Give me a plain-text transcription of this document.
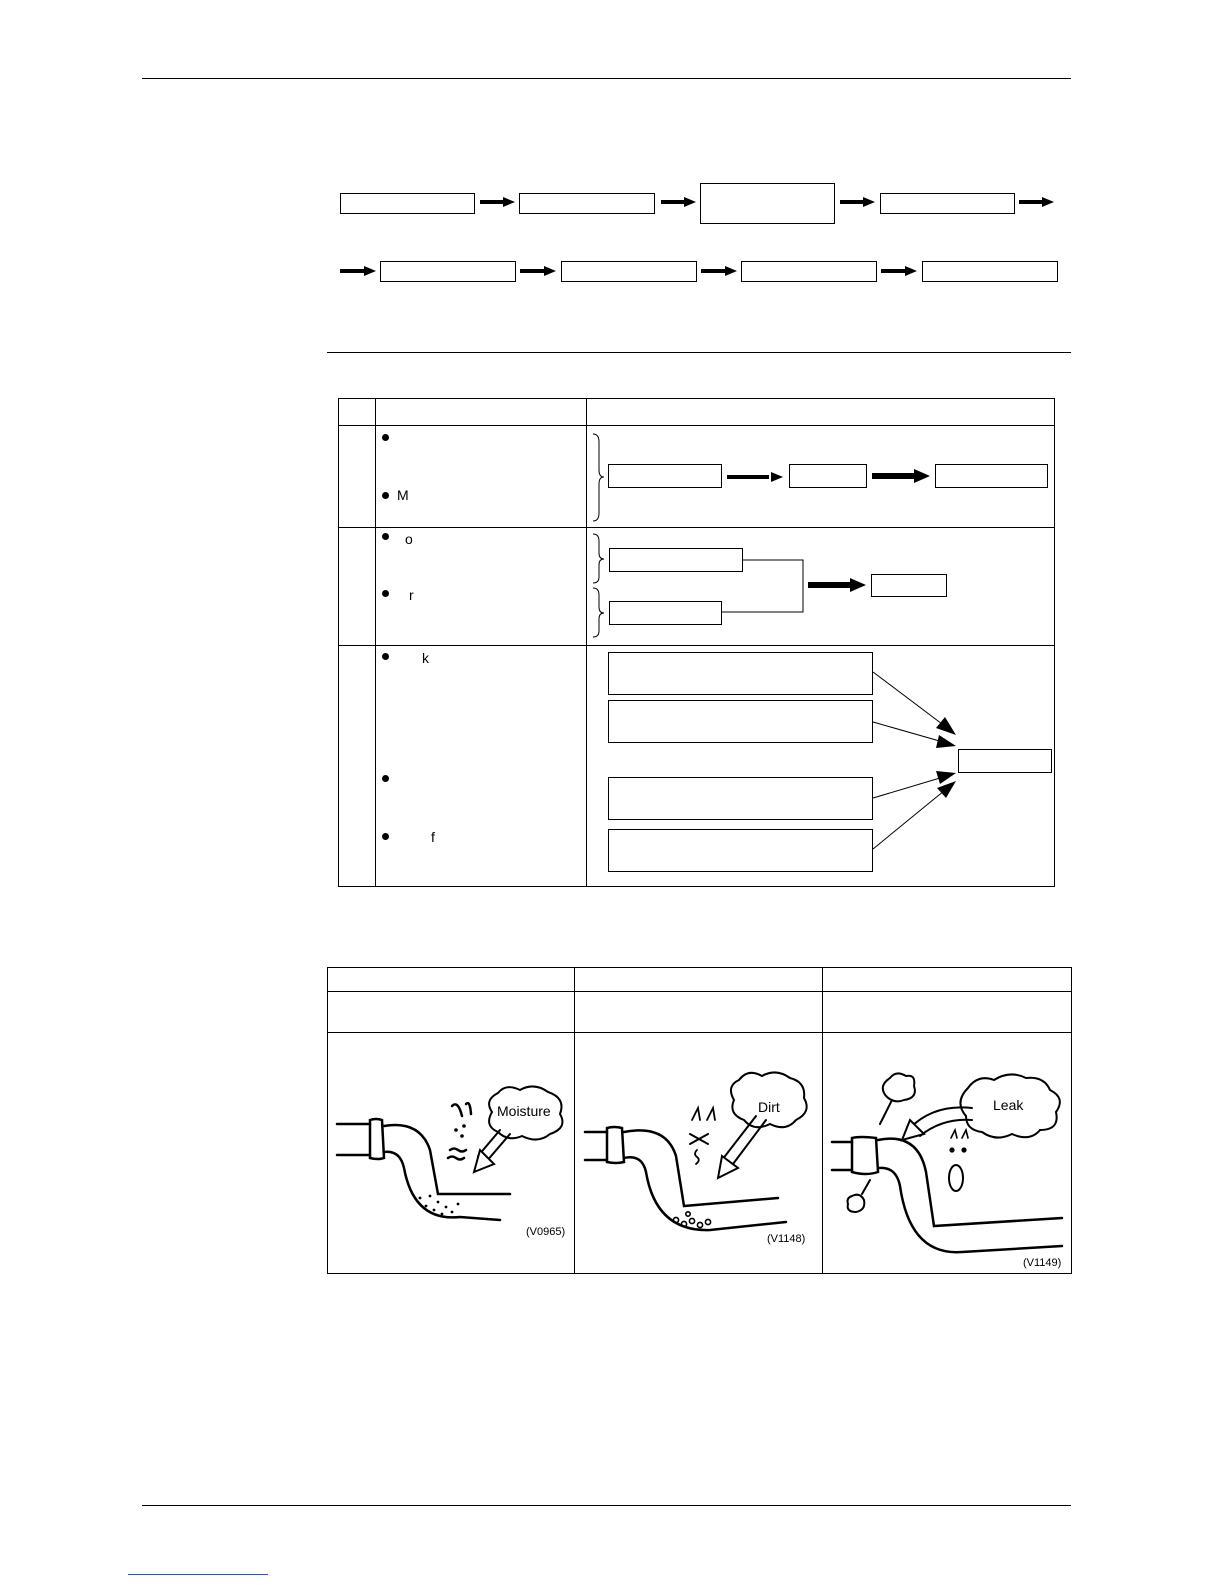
M
o
r
k
f
Moisture
(V0965)
Dirt
(V1148)
Leak
(V1149)
